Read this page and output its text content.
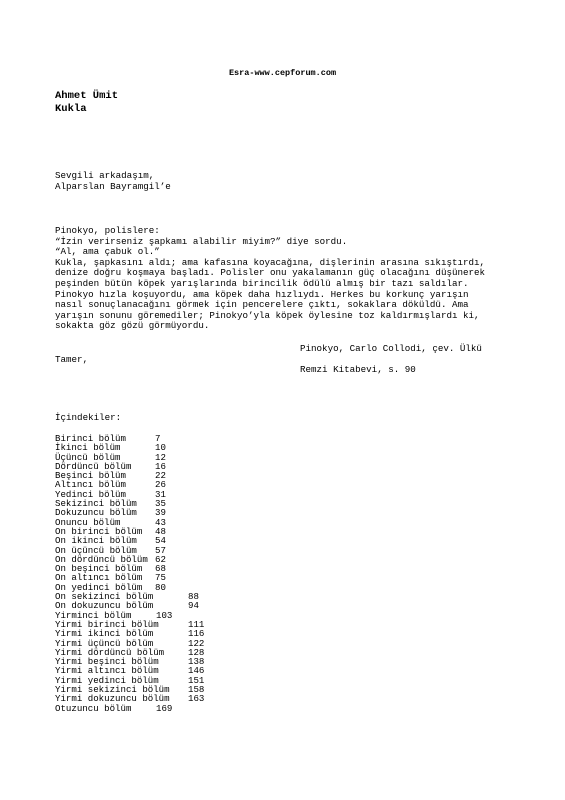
Esra-www.cepforum.com
Ahmet Ümit
Kukla
Sevgili arkadaşım,
Alparslan Bayramgil’e
Pinokyo, polislere:
“İzin verirseniz şapkamı alabilir miyim?” diye sordu.
“Al, ama çabuk ol.”
Kukla, şapkasını aldı; ama kafasına koyacağına, dişlerinin arasına sıkıştırdı,
denize doğru koşmaya başladı. Polisler onu yakalamanın güç olacağını düşünerek
peşinden bütün köpek yarışlarında birincilik ödülü almış bir tazı saldılar.
Pinokyo hızla koşuyordu, ama köpek daha hızlıydı. Herkes bu korkunç yarışın
nasıl sonuçlanacağını görmek için pencerelere çıktı, sokaklara döküldü. Ama
yarışın sonunu göremediler; Pinokyo’yla köpek öylesine toz kaldırmışlardı ki,
sokakta göz gözü görmüyordu.
Pinokyo, Carlo Collodi, çev. Ülkü
Tamer,
Remzi Kitabevi, s. 90
İçindekiler:
Birinci bölüm	7
İkinci bölüm	10
Üçüncü bölüm	12
Dördüncü bölüm	16
Beşinci bölüm	22
Altıncı bölüm	26
Yedinci bölüm	31
Sekizinci bölüm 35
Dokuzuncu bölüm 39
Onuncu bölüm	43
On birinci bölüm 48
On ikinci bölüm 54
On üçüncü bölüm 57
On dördüncü bölüm 62
On beşinci bölüm 68
On altıncı bölüm 75
On yedinci bölüm 80
On sekizinci bölüm	88
On dokuzuncu bölüm	94
Yirminci bölüm	103
Yirmi birinci bölüm	111
Yirmi ikinci bölüm	116
Yirmi üçüncü bölüm	122
Yirmi dördüncü bölüm	128
Yirmi beşinci bölüm	138
Yirmi altıncı bölüm	146
Yirmi yedinci bölüm	151
Yirmi sekizinci bölüm 158
Yirmi dokuzuncu bölüm 163
Otuzuncu bölüm	169
